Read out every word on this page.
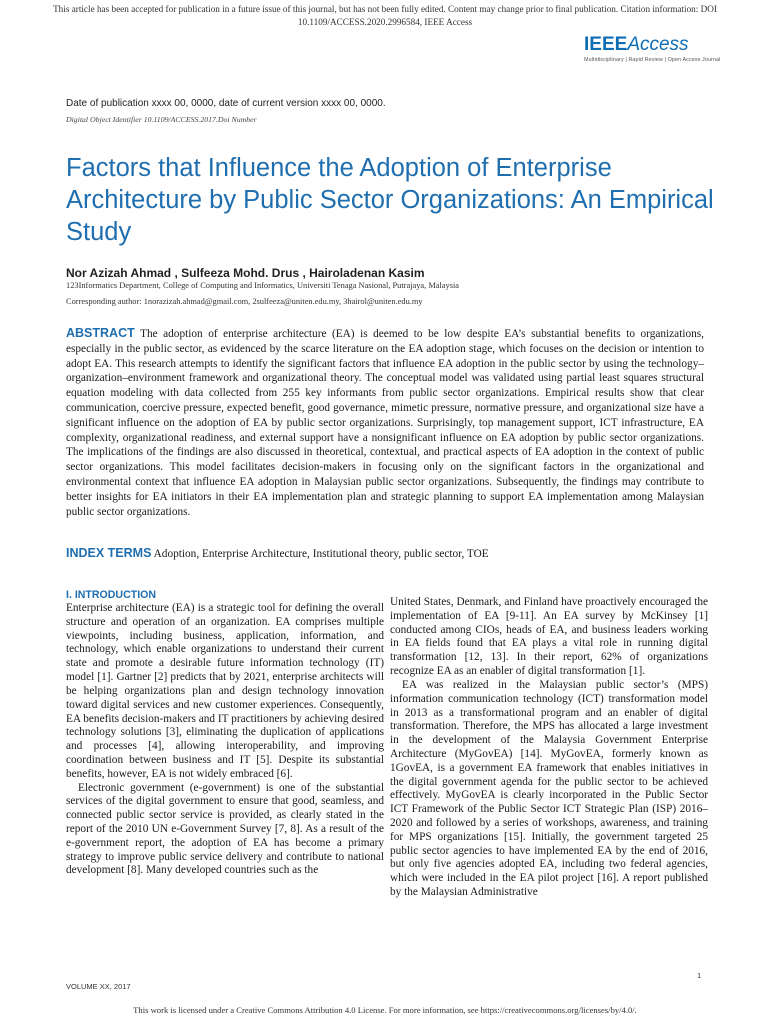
This article has been accepted for publication in a future issue of this journal, but has not been fully edited. Content may change prior to final publication. Citation information: DOI 10.1109/ACCESS.2020.2996584, IEEE Access
IEEEAccess
Multidisciplinary | Rapid Review | Open Access Journal
Date of publication xxxx 00, 0000, date of current version xxxx 00, 0000.
Digital Object Identifier 10.1109/ACCESS.2017.Doi Number
Factors that Influence the Adoption of Enterprise Architecture by Public Sector Organizations: An Empirical Study
Nor Azizah Ahmad , Sulfeeza Mohd. Drus , Hairoladenan Kasim
123Informatics Department, College of Computing and Informatics, Universiti Tenaga Nasional, Putrajaya, Malaysia
Corresponding author: 1norazizah.ahmad@gmail.com, 2sulfeeza@uniten.edu.my, 3hairol@uniten.edu.my

ABSTRACT The adoption of enterprise architecture (EA) is deemed to be low despite EA’s substantial benefits to organizations, especially in the public sector, as evidenced by the scarce literature on the EA adoption stage, which focuses on the decision or intention to adopt EA. This research attempts to identify the significant factors that influence EA adoption in the public sector by using the technology–organization–environment framework and organizational theory. The conceptual model was validated using partial least squares structural equation modeling with data collected from 255 key informants from public sector organizations. Empirical results show that clear communication, coercive pressure, expected benefit, good governance, mimetic pressure, normative pressure, and organizational size have a significant influence on the adoption of EA by public sector organizations. Surprisingly, top management support, ICT infrastructure, EA complexity, organizational readiness, and external support have a nonsignificant influence on EA adoption by public sector organizations. The implications of the findings are also discussed in theoretical, contextual, and practical aspects of EA adoption in the context of public sector organizations. This model facilitates decision-makers in focusing only on the significant factors in the organizational and environmental context that influence EA adoption in Malaysian public sector organizations. Subsequently, the findings may contribute to better insights for EA initiators in their EA implementation plan and strategic planning to support EA implementation among Malaysian public sector organizations.

INDEX TERMS Adoption, Enterprise Architecture, Institutional theory, public sector, TOE

I. INTRODUCTION

Enterprise architecture (EA) is a strategic tool for defining the overall structure and operation of an organization. EA comprises multiple viewpoints, including business, application, information, and technology, which enable organizations to understand their current state and promote a desirable future information technology (IT) model [1]. Gartner [2] predicts that by 2021, enterprise architects will be helping organizations plan and design technology innovation toward digital services and new customer experiences. Consequently, EA benefits decision-makers and IT practitioners by achieving desired technology solutions [3], eliminating the duplication of applications and processes [4], allowing interoperability, and improving coordination between business and IT [5]. Despite its substantial benefits, however, EA is not widely embraced [6].

Electronic government (e-government) is one of the substantial services of the digital government to ensure that good, seamless, and connected public sector service is provided, as clearly stated in the report of the 2010 UN e-Government Survey [7, 8]. As a result of the e-government report, the adoption of EA has become a primary strategy to improve public service delivery and contribute to national development [8]. Many developed countries such as the

United States, Denmark, and Finland have proactively encouraged the implementation of EA [9-11]. An EA survey by McKinsey [1] conducted among CIOs, heads of EA, and business leaders working in EA fields found that EA plays a vital role in running digital transformation [12, 13]. In their report, 62% of organizations recognize EA as an enabler of digital transformation [1].

EA was realized in the Malaysian public sector’s (MPS) information communication technology (ICT) transformation model in 2013 as a transformational program and an enabler of digital transformation. Therefore, the MPS has allocated a large investment in the development of the Malaysia Government Enterprise Architecture (MyGovEA) [14]. MyGovEA, formerly known as 1GovEA, is a government EA framework that enables initiatives in the digital government agenda for the public sector to be achieved effectively. MyGovEA is clearly incorporated in the Public Sector ICT Framework of the Public Sector ICT Strategic Plan (ISP) 2016–2020 and followed by a series of workshops, awareness, and training for MPS organizations [15]. Initially, the government targeted 25 public sector agencies to have implemented EA by the end of 2016, but only five agencies adopted EA, including two federal agencies, which were included in the EA pilot project [16]. A report published by the Malaysian Administrative

1
VOLUME XX, 2017
This work is licensed under a Creative Commons Attribution 4.0 License. For more information, see https://creativecommons.org/licenses/by/4.0/.
